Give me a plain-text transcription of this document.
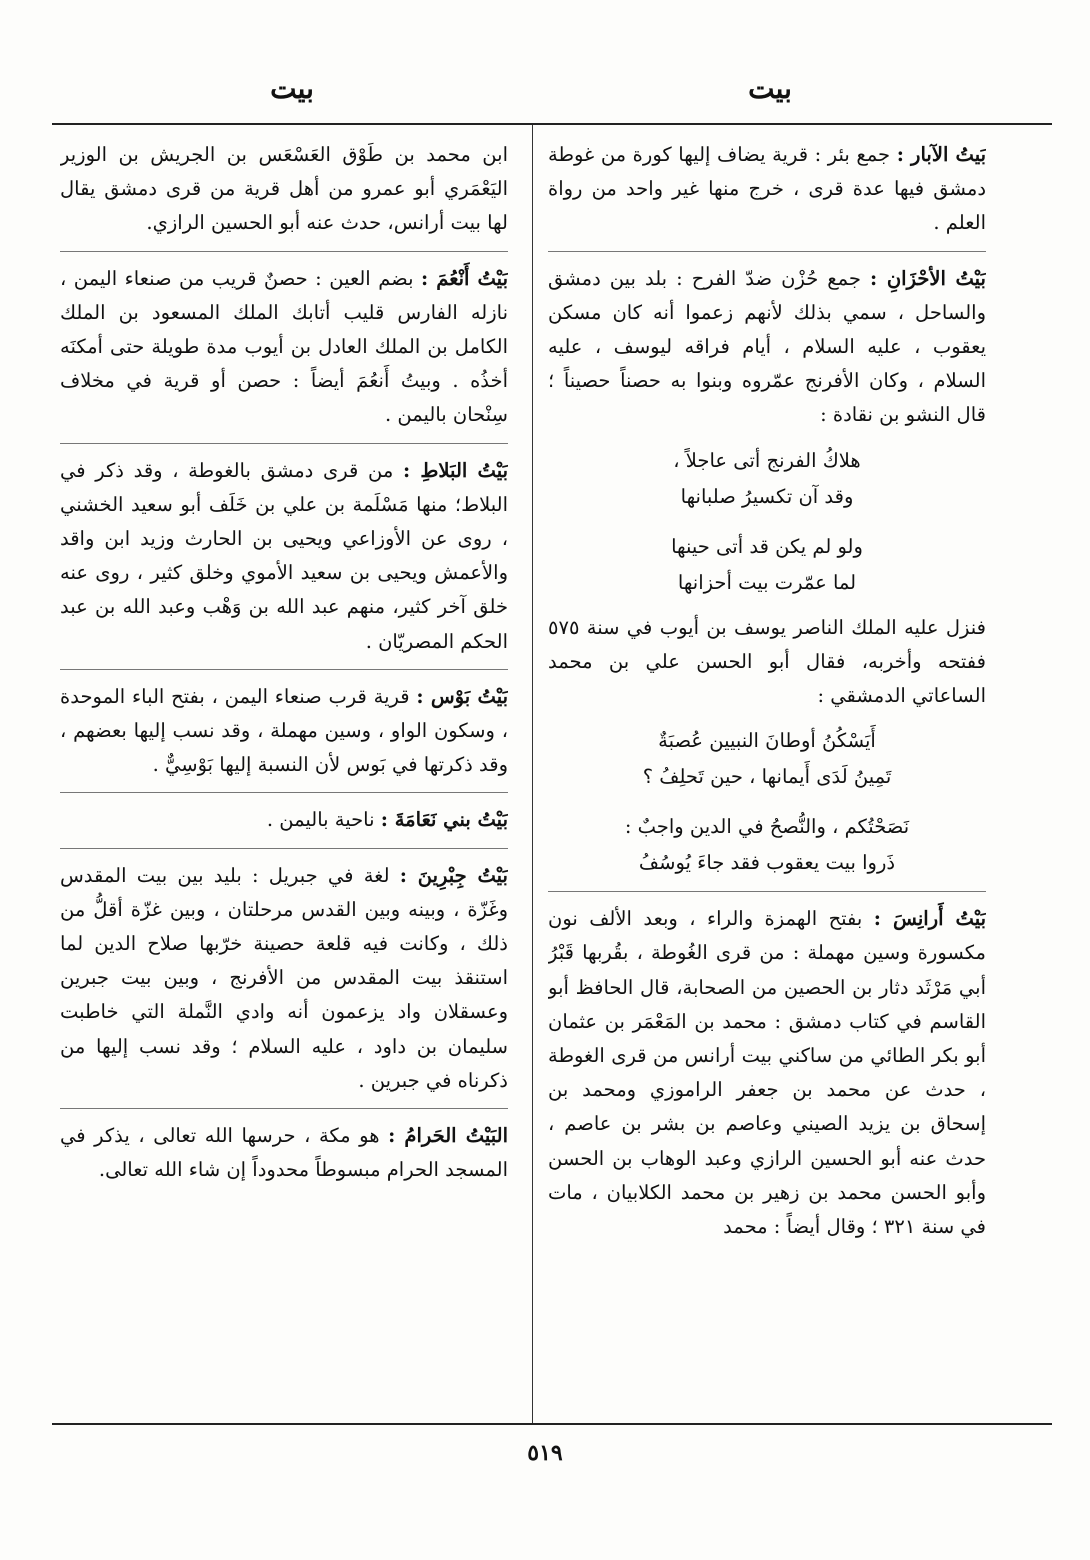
بيت
بيت
بَيتُ الآبار : جمع بئر : قرية يضاف إليها كورة من غوطة دمشق فيها عدة قرى ، خرج منها غير واحد من رواة العلم .
بَيْتُ الأحْزَانِ : جمع حُزْن ضدّ الفرح : بلد بين دمشق والساحل ، سمي بذلك لأنهم زعموا أنه كان مسكن يعقوب ، عليه السلام ، أيام فراقه ليوسف ، عليه السلام ، وكان الأفرنج عمّروه وبنوا به حصناً حصيناً ؛ قال النشو بن نقادة :
هلاكُ الفرنج أتى عاجلاً ،
وقد آن تكسيرُ صلبانها
ولو لم يكن قد أتى حينها
لما عمّرت بيت أحزانها
فنزل عليه الملك الناصر يوسف بن أيوب في سنة ٥٧٥ ففتحه وأخربه، فقال أبو الحسن علي بن محمد الساعاتي الدمشقي :
أَيَسْكُنُ أوطانَ النبيين عُصبَةٌ
تَمِينُ لَدَى أَيمانها ، حين تَحلِفُ ؟
نَصَحْتُكم ، والنُّصحُ في الدين واجبٌ :
ذَروا بيت يعقوب فقد جاءَ يُوسُفُ
بَيْتُ أَرانِسَ : بفتح الهمزة والراء ، وبعد الألف نون مكسورة وسين مهملة : من قرى الغُوطة ، بقُربها قَبْرُ أبي مَرْثَد دثار بن الحصين من الصحابة، قال الحافظ أبو القاسم في كتاب دمشق : محمد بن المَعْمَر بن عثمان أبو بكر الطائي من ساكني بيت أرانس من قرى الغوطة ، حدث عن محمد بن جعفر الراموزي ومحمد بن إسحاق بن يزيد الصيني وعاصم بن بشر بن عاصم ، حدث عنه أبو الحسين الرازي وعبد الوهاب بن الحسن وأبو الحسن محمد بن زهير بن محمد الكلابيان ، مات في سنة ٣٢١ ؛ وقال أيضاً : محمد
ابن محمد بن طَوْق العَسْعَس بن الجريش بن الوزير اليَعْمَري أبو عمرو من أهل قرية من قرى دمشق يقال لها بيت أرانس، حدث عنه أبو الحسين الرازي.
بَيْتُ أَنْعُمَ : بضم العين : حصنٌ قريب من صنعاء اليمن ، نازله الفارس قليب أتابك الملك المسعود بن الملك الكامل بن الملك العادل بن أيوب مدة طويلة حتى أمكنَه أخذُه . وبيتُ أَنعُمَ أيضاً : حصن أو قرية في مخلاف سِنْحان باليمن .
بَيْتُ البَلاطِ : من قرى دمشق بالغوطة ، وقد ذكر في البلاط؛ منها مَسْلَمة بن علي بن خَلَف أبو سعيد الخشني ، روى عن الأوزاعي ويحيى بن الحارث وزيد ابن واقد والأعمش ويحيى بن سعيد الأموي وخلق كثير ، روى عنه خلق آخر كثير، منهم عبد الله بن وَهْب وعبد الله بن عبد الحكم المصريّان .
بَيْتُ بَوْس : قرية قرب صنعاء اليمن ، بفتح الباء الموحدة ، وسكون الواو ، وسين مهملة ، وقد نسب إليها بعضهم ، وقد ذكرتها في بَوس لأن النسبة إليها بَوْسِيٌّ .
بَيْتُ بني نَعَامَةَ : ناحية باليمن .
بَيْتُ جِبْرِينَ : لغة في جبريل : بليد بين بيت المقدس وغَزّة ، وبينه وبين القدس مرحلتان ، وبين غزّة أقلُّ من ذلك ، وكانت فيه قلعة حصينة خرّبها صلاح الدين لما استنقذ بيت المقدس من الأفرنج ، وبين بيت جبرين وعسقلان واد يزعمون أنه وادي النَّملة التي خاطبت سليمان بن داود ، عليه السلام ؛ وقد نسب إليها من ذكرناه في جبرين .
البَيْتُ الحَرامُ : هو مكة ، حرسها الله تعالى ، يذكر في المسجد الحرام مبسوطاً محدوداً إن شاء الله تعالى.
٥١٩
